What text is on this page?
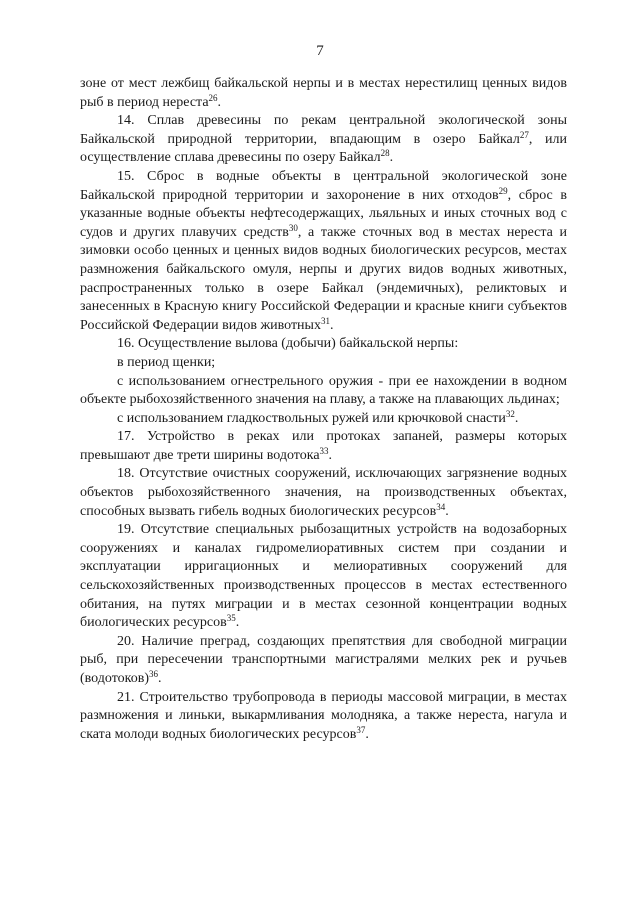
7

зоне от мест лежбищ байкальской нерпы и в местах нерестилищ ценных видов рыб в период нереста$^{26}$.

14. Сплав древесины по рекам центральной экологической зоны Байкальской природной территории, впадающим в озеро Байкал$^{27}$, или осуществление сплава древесины по озеру Байкал$^{28}$.

15. Сброс в водные объекты в центральной экологической зоне Байкальской природной территории и захоронение в них отходов$^{29}$, сброс в указанные водные объекты нефтесодержащих, льяльных и иных сточных вод с судов и других плавучих средств$^{30}$, а также сточных вод в местах нереста и зимовки особо ценных и ценных видов водных биологических ресурсов, местах размножения байкальского омуля, нерпы и других видов водных животных, распространенных только в озере Байкал (эндемичных), реликтовых и занесенных в Красную книгу Российской Федерации и красные книги субъектов Российской Федерации видов животных$^{31}$.

16. Осуществление вылова (добычи) байкальской нерпы:

в период щенки;

с использованием огнестрельного оружия - при ее нахождении в водном объекте рыбохозяйственного значения на плаву, а также на плавающих льдинах;

с использованием гладкоствольных ружей или крючковой снасти$^{32}$.

17. Устройство в реках или протоках запаней, размеры которых превышают две трети ширины водотока$^{33}$.

18. Отсутствие очистных сооружений, исключающих загрязнение водных объектов рыбохозяйственного значения, на производственных объектах, способных вызвать гибель водных биологических ресурсов$^{34}$.

19. Отсутствие специальных рыбозащитных устройств на водозаборных сооружениях и каналах гидромелиоративных систем при создании и эксплуатации ирригационных и мелиоративных сооружений для сельскохозяйственных производственных процессов в местах естественного обитания, на путях миграции и в местах сезонной концентрации водных биологических ресурсов$^{35}$.

20. Наличие преград, создающих препятствия для свободной миграции рыб, при пересечении транспортными магистралями мелких рек и ручьев (водотоков)$^{36}$.

21. Строительство трубопровода в периоды массовой миграции, в местах размножения и линьки, выкармливания молодняка, а также нереста, нагула и ската молоди водных биологических ресурсов$^{37}$.
